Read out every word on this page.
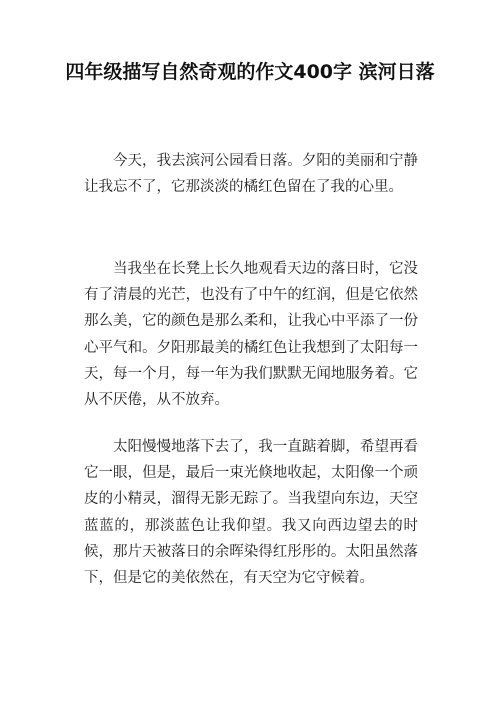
四年级描写自然奇观的作文400字 滨河日落

今天，我去滨河公园看日落。夕阳的美丽和宁静让我忘不了，它那淡淡的橘红色留在了我的心里。

当我坐在长凳上长久地观看天边的落日时，它没有了清晨的光芒，也没有了中午的红润，但是它依然那么美，它的颜色是那么柔和，让我心中平添了一份心平气和。夕阳那最美的橘红色让我想到了太阳每一天，每一个月，每一年为我们默默无闻地服务着。它从不厌倦，从不放弃。

太阳慢慢地落下去了，我一直踮着脚，希望再看它一眼，但是，最后一束光倏地收起，太阳像一个顽皮的小精灵，溜得无影无踪了。当我望向东边，天空蓝蓝的，那淡蓝色让我仰望。我又向西边望去的时候，那片天被落日的余晖染得红彤彤的。太阳虽然落下，但是它的美依然在，有天空为它守候着。
